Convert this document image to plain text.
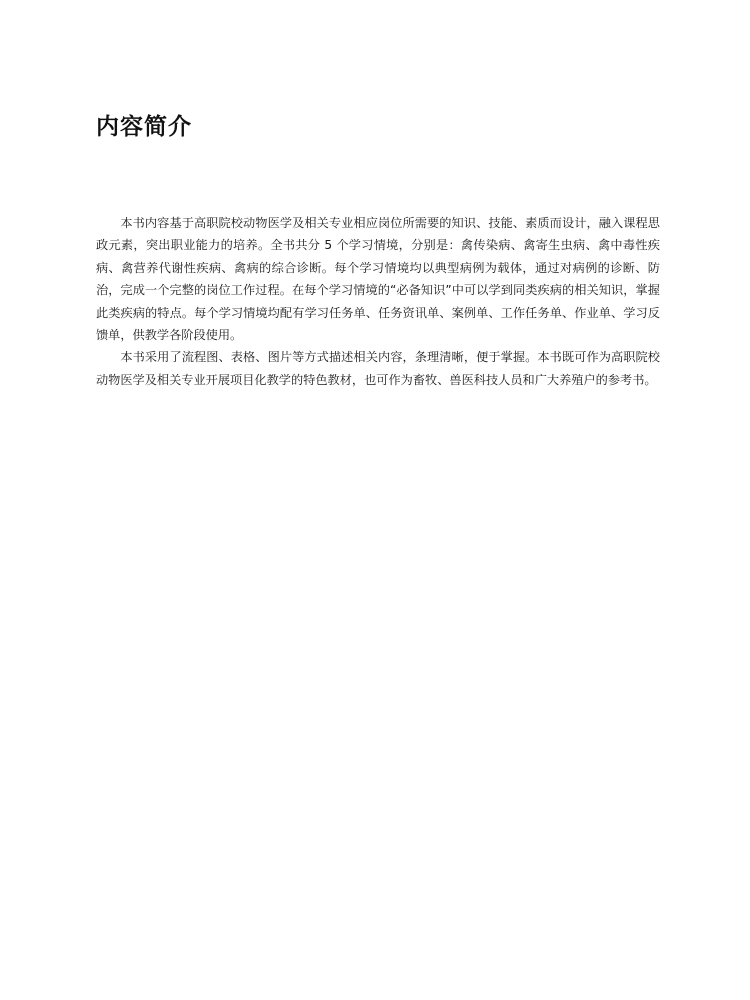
内容简介

本书内容基于高职院校动物医学及相关专业相应岗位所需要的知识、技能、素质而设计，融入课程思政元素，突出职业能力的培养。全书共分 5 个学习情境，分别是：禽传染病、禽寄生虫病、禽中毒性疾病、禽营养代谢性疾病、禽病的综合诊断。每个学习情境均以典型病例为载体，通过对病例的诊断、防治，完成一个完整的岗位工作过程。在每个学习情境的“必备知识”中可以学到同类疾病的相关知识，掌握此类疾病的特点。每个学习情境均配有学习任务单、任务资讯单、案例单、工作任务单、作业单、学习反馈单，供教学各阶段使用。

本书采用了流程图、表格、图片等方式描述相关内容，条理清晰，便于掌握。本书既可作为高职院校动物医学及相关专业开展项目化教学的特色教材，也可作为畜牧、兽医科技人员和广大养殖户的参考书。
